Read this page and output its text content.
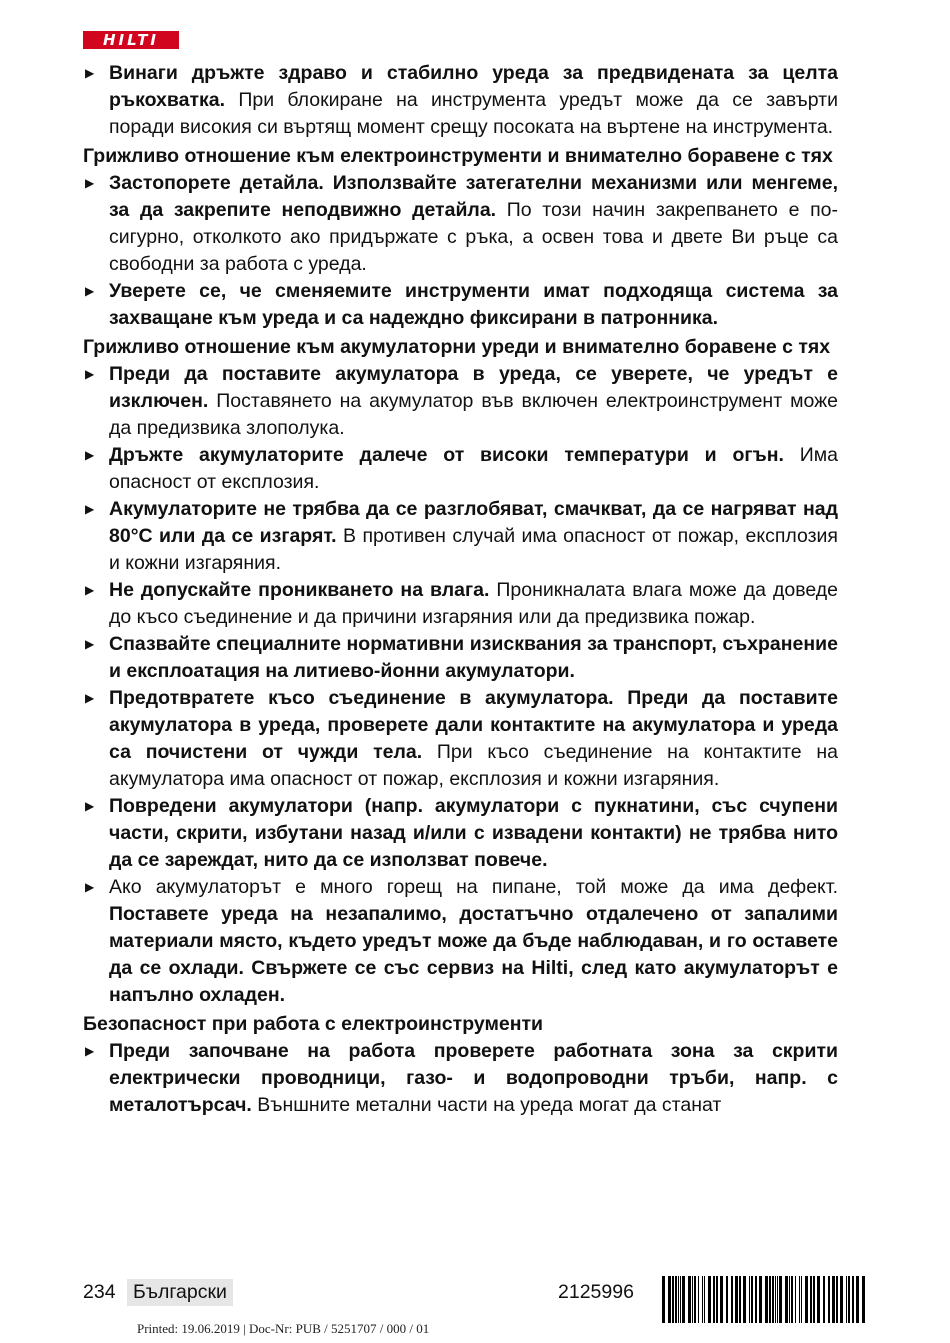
HILTI
▶ Винаги дръжте здраво и стабилно уреда за предвидената за целта ръкохватка. При блокиране на инструмента уредът може да се завърти поради високия си въртящ момент срещу посоката на въртене на инструмента.
Грижливо отношение към електроинструменти и внимателно боравене с тях
▶ Застопорете детайла. Използвайте затегателни механизми или менгеме, за да закрепите неподвижно детайла. По този начин закрепването е по-сигурно, отколкото ако придържате с ръка, а освен това и двете Ви ръце са свободни за работа с уреда.
▶ Уверете се, че сменяемите инструменти имат подходяща система за захващане към уреда и са надеждно фиксирани в патронника.
Грижливо отношение към акумулаторни уреди и внимателно боравене с тях
▶ Преди да поставите акумулатора в уреда, се уверете, че уредът е изключен. Поставянето на акумулатор във включен електроинструмент може да предизвика злополука.
▶ Дръжте акумулаторите далече от високи температури и огън. Има опасност от експлозия.
▶ Акумулаторите не трябва да се разглобяват, смачкват, да се нагряват над 80°C или да се изгарят. В противен случай има опасност от пожар, експлозия и кожни изгаряния.
▶ Не допускайте проникването на влага. Проникналата влага може да доведе до късо съединение и да причини изгаряния или да предизвика пожар.
▶ Спазвайте специалните нормативни изисквания за транспорт, съхранение и експлоатация на литиево-йонни акумулатори.
▶ Предотвратете късо съединение в акумулатора. Преди да поставите акумулатора в уреда, проверете дали контактите на акумулатора и уреда са почистени от чужди тела. При късо съединение на контактите на акумулатора има опасност от пожар, експлозия и кожни изгаряния.
▶ Повредени акумулатори (напр. акумулатори с пукнатини, със счупени части, скрити, избутани назад и/или с извадени контакти) не трябва нито да се зареждат, нито да се използват повече.
▶ Ако акумулаторът е много горещ на пипане, той може да има дефект. Поставете уреда на незапалимо, достатъчно отдалечено от запалими материали място, където уредът може да бъде наблюдаван, и го оставете да се охлади. Свържете се със сервиз на Hilti, след като акумулаторът е напълно охладен.
Безопасност при работа с електроинструменти
▶ Преди започване на работа проверете работната зона за скрити електрически проводници, газо- и водопроводни тръби, напр. с металотърсач. Външните метални части на уреда могат да станат
234 Български	2125996
Printed: 19.06.2019 | Doc-Nr: PUB / 5251707 / 000 / 01
